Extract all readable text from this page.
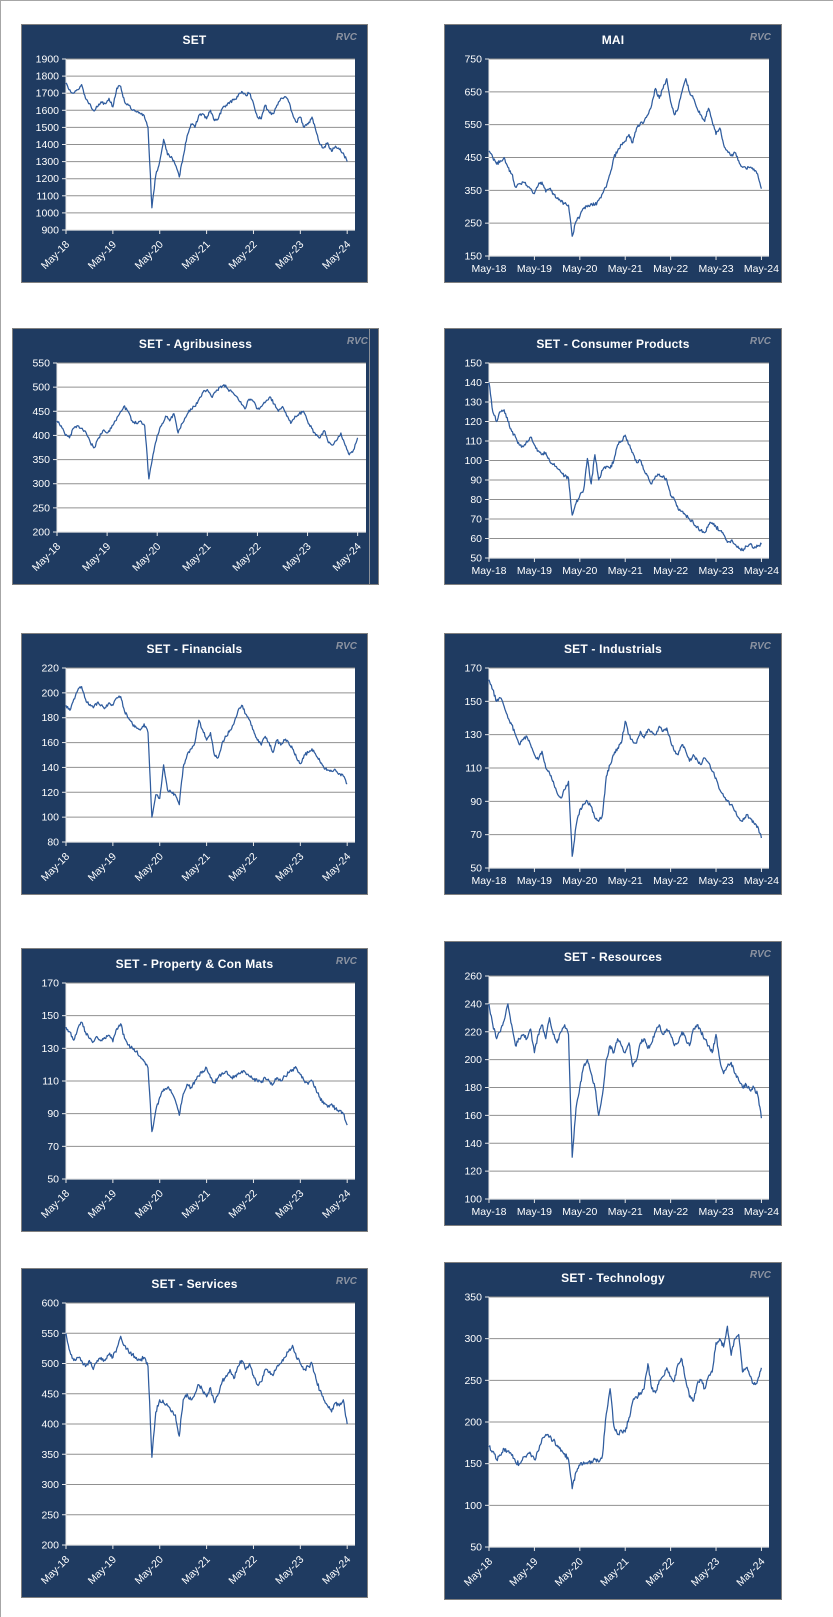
SET	RVC
900
1000
1100
1200
1300
1400
1500
1600
1700
1800
1900
May-18 May-19 May-20 May-21 May-22 May-23 May-24
MAI	RVC
150
250
350
450
550
650
750
May-18 May-19 May-20 May-21 May-22 May-23 May-24
SET - Agribusiness	RVC
200
250
300
350
400
450
500
550
May-18 May-19 May-20 May-21 May-22 May-23 May-24
SET - Consumer Products	RVC
50
60
70
80
90
100
110
120
130
140
150
May-18 May-19 May-20 May-21 May-22 May-23 May-24
SET - Financials	RVC
80
100
120
140
160
180
200
220
May-18 May-19 May-20 May-21 May-22 May-23 May-24
SET - Industrials	RVC
50
70
90
110
130
150
170
May-18 May-19 May-20 May-21 May-22 May-23 May-24
SET - Property & Con Mats	RVC
50
70
90
110
130
150
170
May-18 May-19 May-20 May-21 May-22 May-23 May-24
SET - Resources	RVC
100
120
140
160
180
200
220
240
260
May-18 May-19 May-20 May-21 May-22 May-23 May-24
SET - Services	RVC
200
250
300
350
400
450
500
550
600
May-18 May-19 May-20 May-21 May-22 May-23 May-24
SET - Technology	RVC
50
100
150
200
250
300
350
May-18 May-19 May-20 May-21 May-22 May-23 May-24
